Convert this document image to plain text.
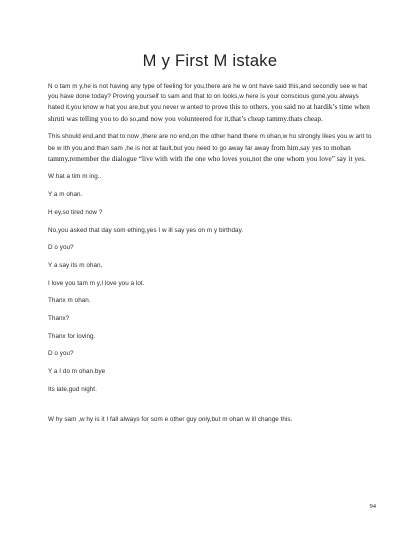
M y First M istake

N o tam m y,he is not having any type of feeling for you,there are he w ont have said this,and secondly see w hat you have done today? Proving yourself to sam and that to on looks,w here is your conscious gone,you always hated it,you know w hat you are,but you never w anted to prove this to others, you said no at hardik’s time when shruti was telling you to do so,and now you volunteered for it,that’s cheap tammy.thats cheap.

This should end,and that to now ,there are no end,on the other hand there m ohan,w ho strongly likes you w ant to be w ith you,and than sam ,he is not at fault,but you need to go away far away from him.say yes to mohan tammy,remember the dialogue “live with with the one who loves you,not the one whom you love” say it yes.

W hat a tim m ing..

Y a m ohan.

H ey,so tired now ?

No,you asked that day som ething,yes I w ill say yes on m y birthday.

D o you?

Y a say its m ohan,

I love you tam m y,I love you a lot.

Thanx m ohan.

Thanx?

Thanx for loving.

D o you?

Y a I do m ohan.bye

Its late,gud night.

W hy sam ,w hy is it I fall always for som e other guy only,but m ohan w ill change this.

94
